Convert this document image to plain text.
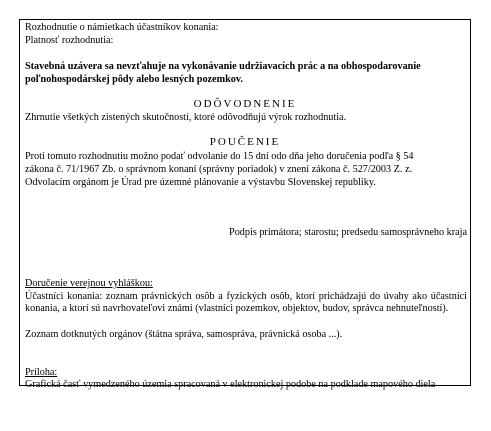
Rozhodnutie o námietkach účastníkov konania:
Platnosť rozhodnutia:
Stavebná uzávera sa nevzťahuje na vykonávanie udržiavacích prác a na obhospodarovanie
poľnohospodárskej pôdy alebo lesných pozemkov.
ODÔVODNENIE
Zhrnutie všetkých zistených skutočností, ktoré odôvodňujú výrok rozhodnutia.
POUČENIE
Proti tomuto rozhodnutiu možno podať odvolanie do 15 dní odo dňa jeho doručenia podľa § 54
zákona č. 71/1967 Zb. o správnom konaní (správny poriadok) v znení zákona č. 527/2003 Z. z.
Odvolacím orgánom je Úrad pre územné plánovanie a výstavbu Slovenskej republiky.
Podpis primátora; starostu; predsedu samosprávneho kraja
Doručenie verejnou vyhláškou:
Účastníci konania: zoznam právnických osôb a fyzických osôb, ktorí prichádzajú do úvahy ako účastníci konania, a ktorí sú navrhovateľovi známi (vlastníci pozemkov, objektov, budov, správca nehnuteľností).
Zoznam dotknutých orgánov (štátna správa, samospráva, právnická osoba ...).
Príloha:
Grafická časť vymedzeného územia spracovaná v elektronickej podobe na podklade mapového diela
